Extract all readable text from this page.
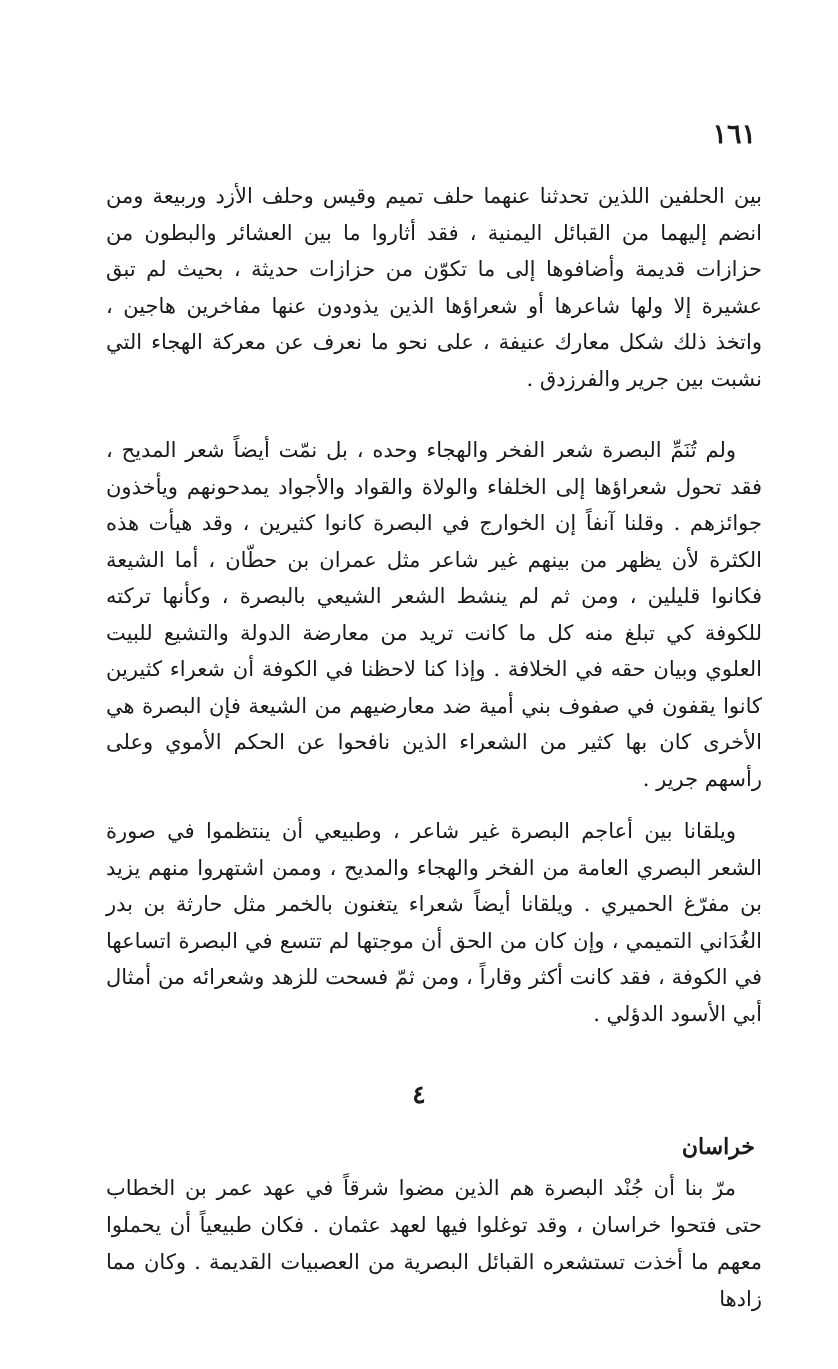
١٦١

بين الحلفين اللذين تحدثنا عنهما حلف تميم وقيس وحلف الأزد وربيعة ومن انضم إليهما من القبائل اليمنية ، فقد أثاروا ما بين العشائر والبطون من حزازات قديمة وأضافوها إلى ما تكوّن من حزازات حديثة ، بحيث لم تبق عشيرة إلا ولها شاعرها أو شعراؤها الذين يذودون عنها مفاخرين هاجين ، واتخذ ذلك شكل معارك عنيفة ، على نحو ما نعرف عن معركة الهجاء التي نشبت بين جرير والفرزدق .

ولم تُنَمِّ البصرة شعر الفخر والهجاء وحده ، بل نمّت أيضاً شعر المديح ، فقد تحول شعراؤها إلى الخلفاء والولاة والقواد والأجواد يمدحونهم ويأخذون جوائزهم . وقلنا آنفاً إن الخوارج في البصرة كانوا كثيرين ، وقد هيأت هذه الكثرة لأن يظهر من بينهم غير شاعر مثل عمران بن حطّان ، أما الشيعة فكانوا قليلين ، ومن ثم لم ينشط الشعر الشيعي بالبصرة ، وكأنها تركته للكوفة كي تبلغ منه كل ما كانت تريد من معارضة الدولة والتشيع للبيت العلوي وبيان حقه في الخلافة . وإذا كنا لاحظنا في الكوفة أن شعراء كثيرين كانوا يقفون في صفوف بني أمية ضد معارضيهم من الشيعة فإن البصرة هي الأخرى كان بها كثير من الشعراء الذين نافحوا عن الحكم الأموي وعلى رأسهم جرير .

ويلقانا بين أعاجم البصرة غير شاعر ، وطبيعي أن ينتظموا في صورة الشعر البصري العامة من الفخر والهجاء والمديح ، وممن اشتهروا منهم يزيد بن مفرّغ الحميري . ويلقانا أيضاً شعراء يتغنون بالخمر مثل حارثة بن بدر الغُدَاني التميمي ، وإن كان من الحق أن موجتها لم تتسع في البصرة اتساعها في الكوفة ، فقد كانت أكثر وقاراً ، ومن ثمّ فسحت للزهد وشعرائه من أمثال أبي الأسود الدؤلي .

٤
خراسان

مرّ بنا أن جُنْد البصرة هم الذين مضوا شرقاً في عهد عمر بن الخطاب حتى فتحوا خراسان ، وقد توغلوا فيها لعهد عثمان . فكان طبيعياً أن يحملوا معهم ما أخذت تستشعره القبائل البصرية من العصبيات القديمة . وكان مما زادها
